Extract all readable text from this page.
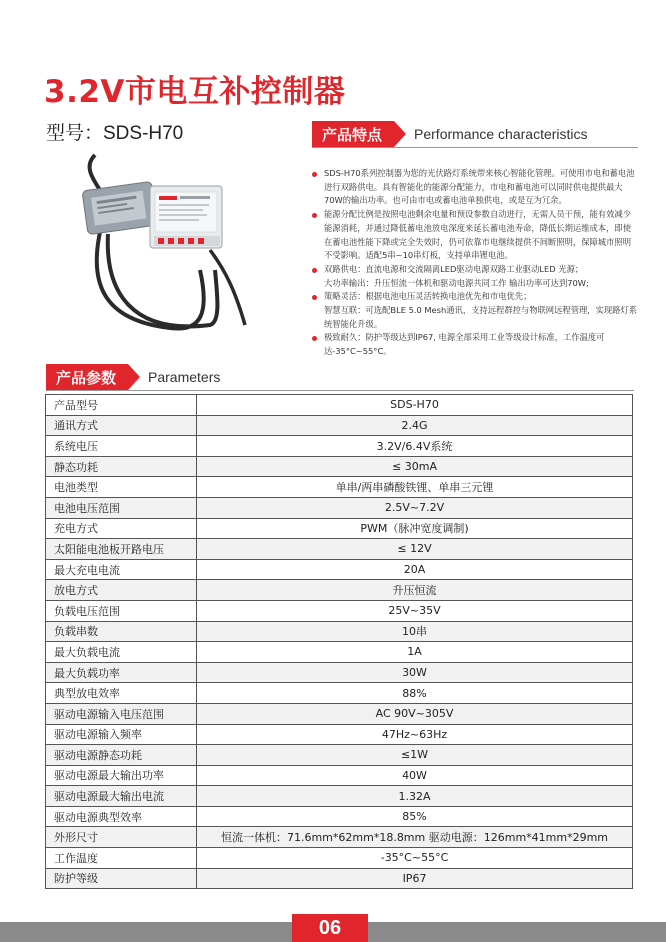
3.2V市电互补控制器
型号：SDS-H70	产品特点	Performance characteristics
SDS-H70系列控制器为您的光伏路灯系统带来核心智能化管理。可使用市电和蓄电池进行双路供电。具有智能化的能源分配能力，市电和蓄电池可以同时供电提供最大70W的输出功率。也可由市电或蓄电池单独供电，或是互为冗余。
能源分配比例是按照电池剩余电量和预设参数自动进行，无需人员干预，能有效减少能源消耗，并通过降低蓄电池放电深度来延长蓄电池寿命，降低长期运维成本，即使在蓄电池性能下降或完全失效时，仍可依靠市电继续提供不间断照明，保障城市照明不受影响。适配5串~10串灯板，支持单串锂电池。
双路供电：直流电源和交流隔离LED驱动电源双路工业驱动LED 光源；
大功率输出：升压恒流一体机和驱动电源共同工作 输出功率可达到70W;
策略灵活：根据电池电压灵活转换电池优先和市电优先；
智慧互联：可选配BLE 5.0 Mesh通讯，支持远程群控与物联网远程管理，实现路灯系统智能化升级。
极致耐久：防护等级达到IP67, 电源全部采用工业等级设计标准，工作温度可达-35°C~55°C。
产品参数	Parameters
产品型号	SDS-H70
通讯方式	2.4G
系统电压	3.2V/6.4V系统
静态功耗	≤ 30mA
电池类型	单串/两串磷酸铁锂、单串三元锂
电池电压范围	2.5V~7.2V
充电方式	PWM（脉冲宽度调制)
太阳能电池板开路电压	≤ 12V
最大充电电流	20A
放电方式	升压恒流
负载电压范围	25V~35V
负载串数	10串
最大负载电流	1A
最大负载功率	30W
典型放电效率	88%
驱动电源输入电压范围	AC 90V~305V
驱动电源输入频率	47Hz~63Hz
驱动电源静态功耗	≤1W
驱动电源最大输出功率	40W
驱动电源最大输出电流	1.32A
驱动电源典型效率	85%
外形尺寸	恒流一体机：71.6mm*62mm*18.8mm 驱动电源：126mm*41mm*29mm
工作温度	-35°C~55°C
防护等级	IP67
06
